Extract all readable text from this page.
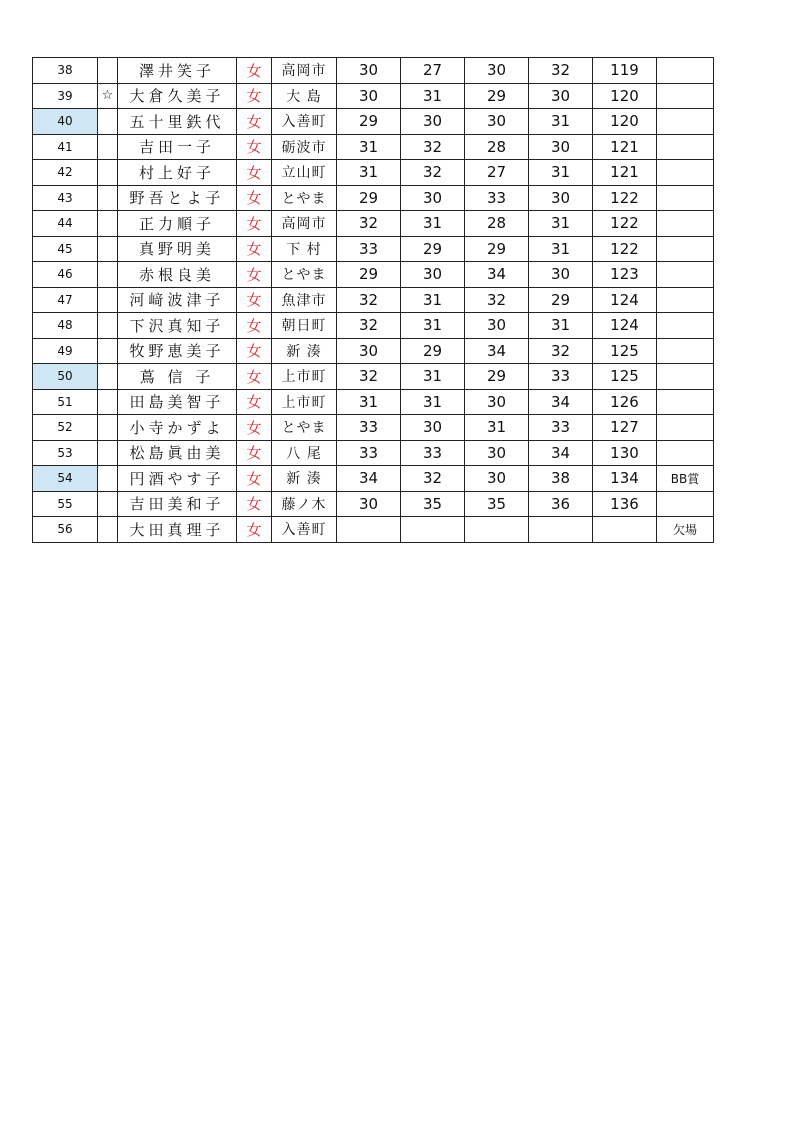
38		澤井笑子	女	高岡市	30	27	30	32	119	
39	☆	大倉久美子	女	大 島	30	31	29	30	120	
40		五十里鉄代	女	入善町	29	30	30	31	120	
41		吉田一子	女	砺波市	31	32	28	30	121	
42		村上好子	女	立山町	31	32	27	31	121	
43		野吾とよ子	女	とやま	29	30	33	30	122	
44		正力順子	女	高岡市	32	31	28	31	122	
45		真野明美	女	下 村	33	29	29	31	122	
46		赤根良美	女	とやま	29	30	34	30	123	
47		河﨑波津子	女	魚津市	32	31	32	29	124	
48		下沢真知子	女	朝日町	32	31	30	31	124	
49		牧野恵美子	女	新 湊	30	29	34	32	125	
50		蔦 信 子	女	上市町	32	31	29	33	125	
51		田島美智子	女	上市町	31	31	30	34	126	
52		小寺かずよ	女	とやま	33	30	31	33	127	
53		松島眞由美	女	八 尾	33	33	30	34	130	
54		円酒やす子	女	新 湊	34	32	30	38	134	BB賞
55		吉田美和子	女	藤ノ木	30	35	35	36	136	
56		大田真理子	女	入善町						欠場
